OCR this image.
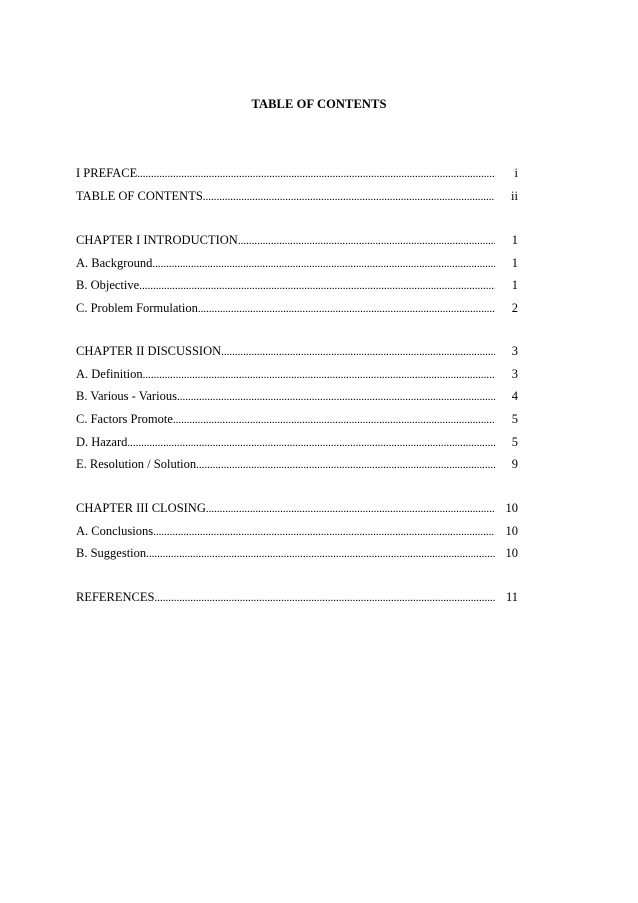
TABLE OF CONTENTS
I PREFACE .....	i
TABLE OF CONTENTS .....	ii
CHAPTER I INTRODUCTION .....	1
A. Background .....	1
B. Objective .....	1
C. Problem Formulation .....	2
CHAPTER II DISCUSSION .....	3
A. Definition .....	3
B. Various - Various .....	4
C. Factors Promote .....	5
D. Hazard .....	5
E. Resolution / Solution .....	9
CHAPTER III CLOSING .....	10
A. Conclusions .....	10
B. Suggestion .....	10
REFERENCES .....	11
